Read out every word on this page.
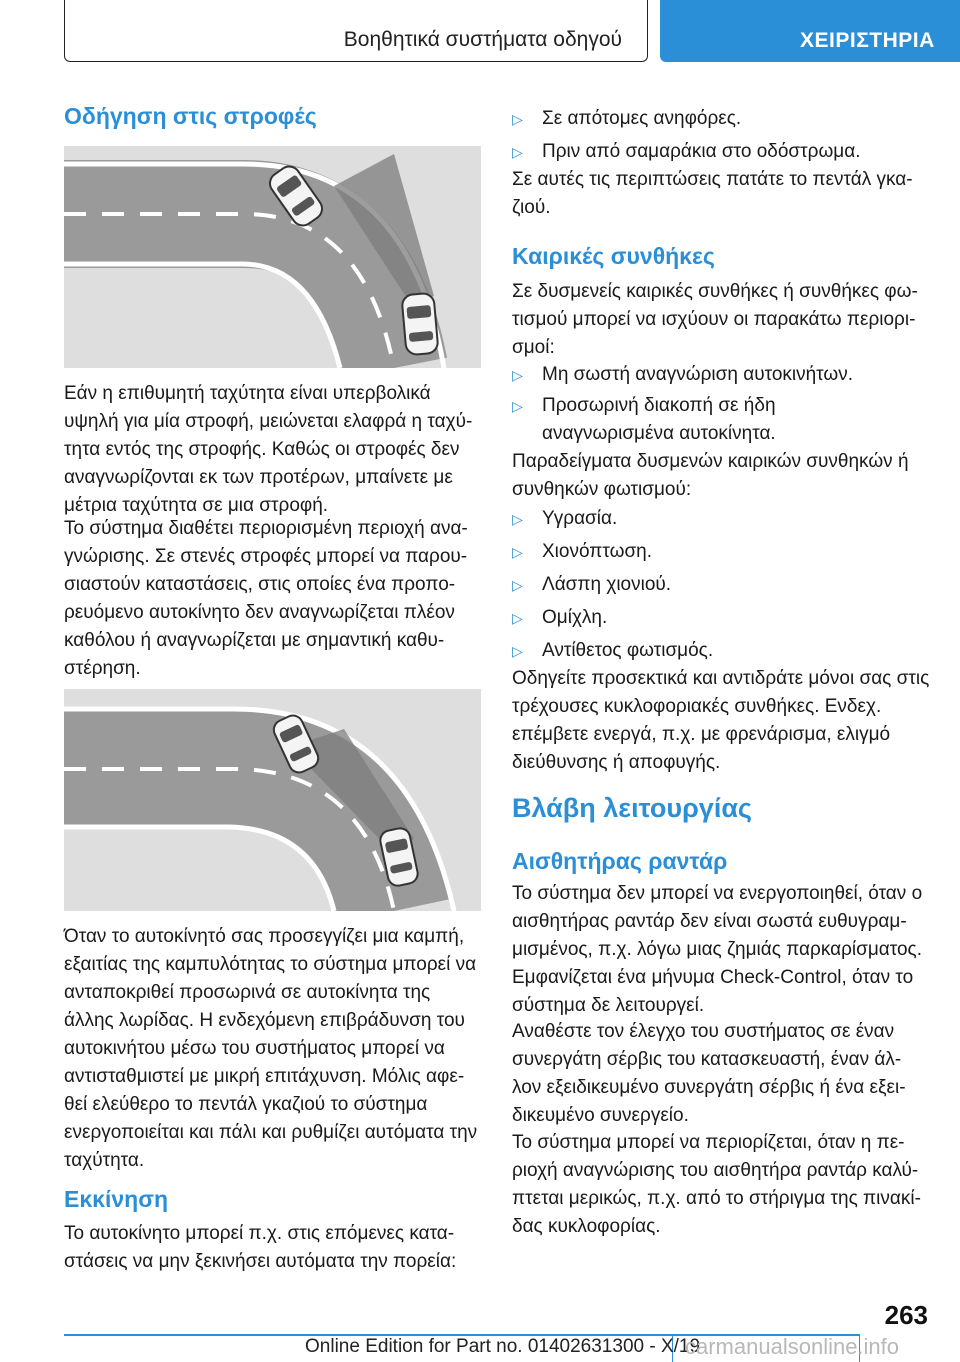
Βοηθητικά συστήματα οδηγού	ΧΕΙΡΙΣΤΗΡΙΑ
Οδήγηση στις στροφές

Εάν η επιθυμητή ταχύτητα είναι υπερβολικά υψηλή για μία στροφή, μειώνεται ελαφρά η ταχύ-τητα εντός της στροφής. Καθώς οι στροφές δεν αναγνωρίζονται εκ των προτέρων, μπαίνετε με μέτρια ταχύτητα σε μια στροφή.

Το σύστημα διαθέτει περιορισμένη περιοχή ανα-γνώρισης. Σε στενές στροφές μπορεί να παρου-σιαστούν καταστάσεις, στις οποίες ένα προπο-ρευόμενο αυτοκίνητο δεν αναγνωρίζεται πλέον καθόλου ή αναγνωρίζεται με σημαντική καθυ-στέρηση.

Όταν το αυτοκίνητό σας προσεγγίζει μια καμπή, εξαιτίας της καμπυλότητας το σύστημα μπορεί να ανταποκριθεί προσωρινά σε αυτοκίνητα της άλλης λωρίδας. Η ενδεχόμενη επιβράδυνση του αυτοκινήτου μέσω του συστήματος μπορεί να αντισταθμιστεί με μικρή επιτάχυνση. Μόλις αφε-θεί ελεύθερο το πεντάλ γκαζιού το σύστημα ενεργοποιείται και πάλι και ρυθμίζει αυτόματα την ταχύτητα.

Εκκίνηση

Το αυτοκίνητο μπορεί π.χ. στις επόμενες κατα-στάσεις να μην ξεκινήσει αυτόματα την πορεία:

▷ Σε απότομες ανηφόρες.
▷ Πριν από σαμαράκια στο οδόστρωμα.

Σε αυτές τις περιπτώσεις πατάτε το πεντάλ γκα-ζιού.

Καιρικές συνθήκες

Σε δυσμενείς καιρικές συνθήκες ή συνθήκες φω-τισμού μπορεί να ισχύουν οι παρακάτω περιορι-σμοί:

▷ Μη σωστή αναγνώριση αυτοκινήτων.
▷ Προσωρινή διακοπή σε ήδη αναγνωρισμένα αυτοκίνητα.

Παραδείγματα δυσμενών καιρικών συνθηκών ή συνθηκών φωτισμού:

▷ Υγρασία.
▷ Χιονόπτωση.
▷ Λάσπη χιονιού.
▷ Ομίχλη.
▷ Αντίθετος φωτισμός.

Οδηγείτε προσεκτικά και αντιδράτε μόνοι σας στις τρέχουσες κυκλοφοριακές συνθήκες. Ενδεχ. επέμβετε ενεργά, π.χ. με φρενάρισμα, ελιγμό διεύθυνσης ή αποφυγής.

Βλάβη λειτουργίας
Αισθητήρας ραντάρ

Το σύστημα δεν μπορεί να ενεργοποιηθεί, όταν ο αισθητήρας ραντάρ δεν είναι σωστά ευθυγραμ-μισμένος, π.χ. λόγω μιας ζημιάς παρκαρίσματος.

Εμφανίζεται ένα μήνυμα Check-Control, όταν το σύστημα δε λειτουργεί.

Αναθέστε τον έλεγχο του συστήματος σε έναν συνεργάτη σέρβις του κατασκευαστή, έναν άλ-λον εξειδικευμένο συνεργάτη σέρβις ή ένα εξει-δικευμένο συνεργείο.

Το σύστημα μπορεί να περιορίζεται, όταν η πε-ριοχή αναγνώρισης του αισθητήρα ραντάρ καλύ-πτεται μερικώς, π.χ. από το στήριγμα της πινακί-δας κυκλοφορίας.

263
Online Edition for Part no. 01402631300 - X/19
carmanualsonline.info
